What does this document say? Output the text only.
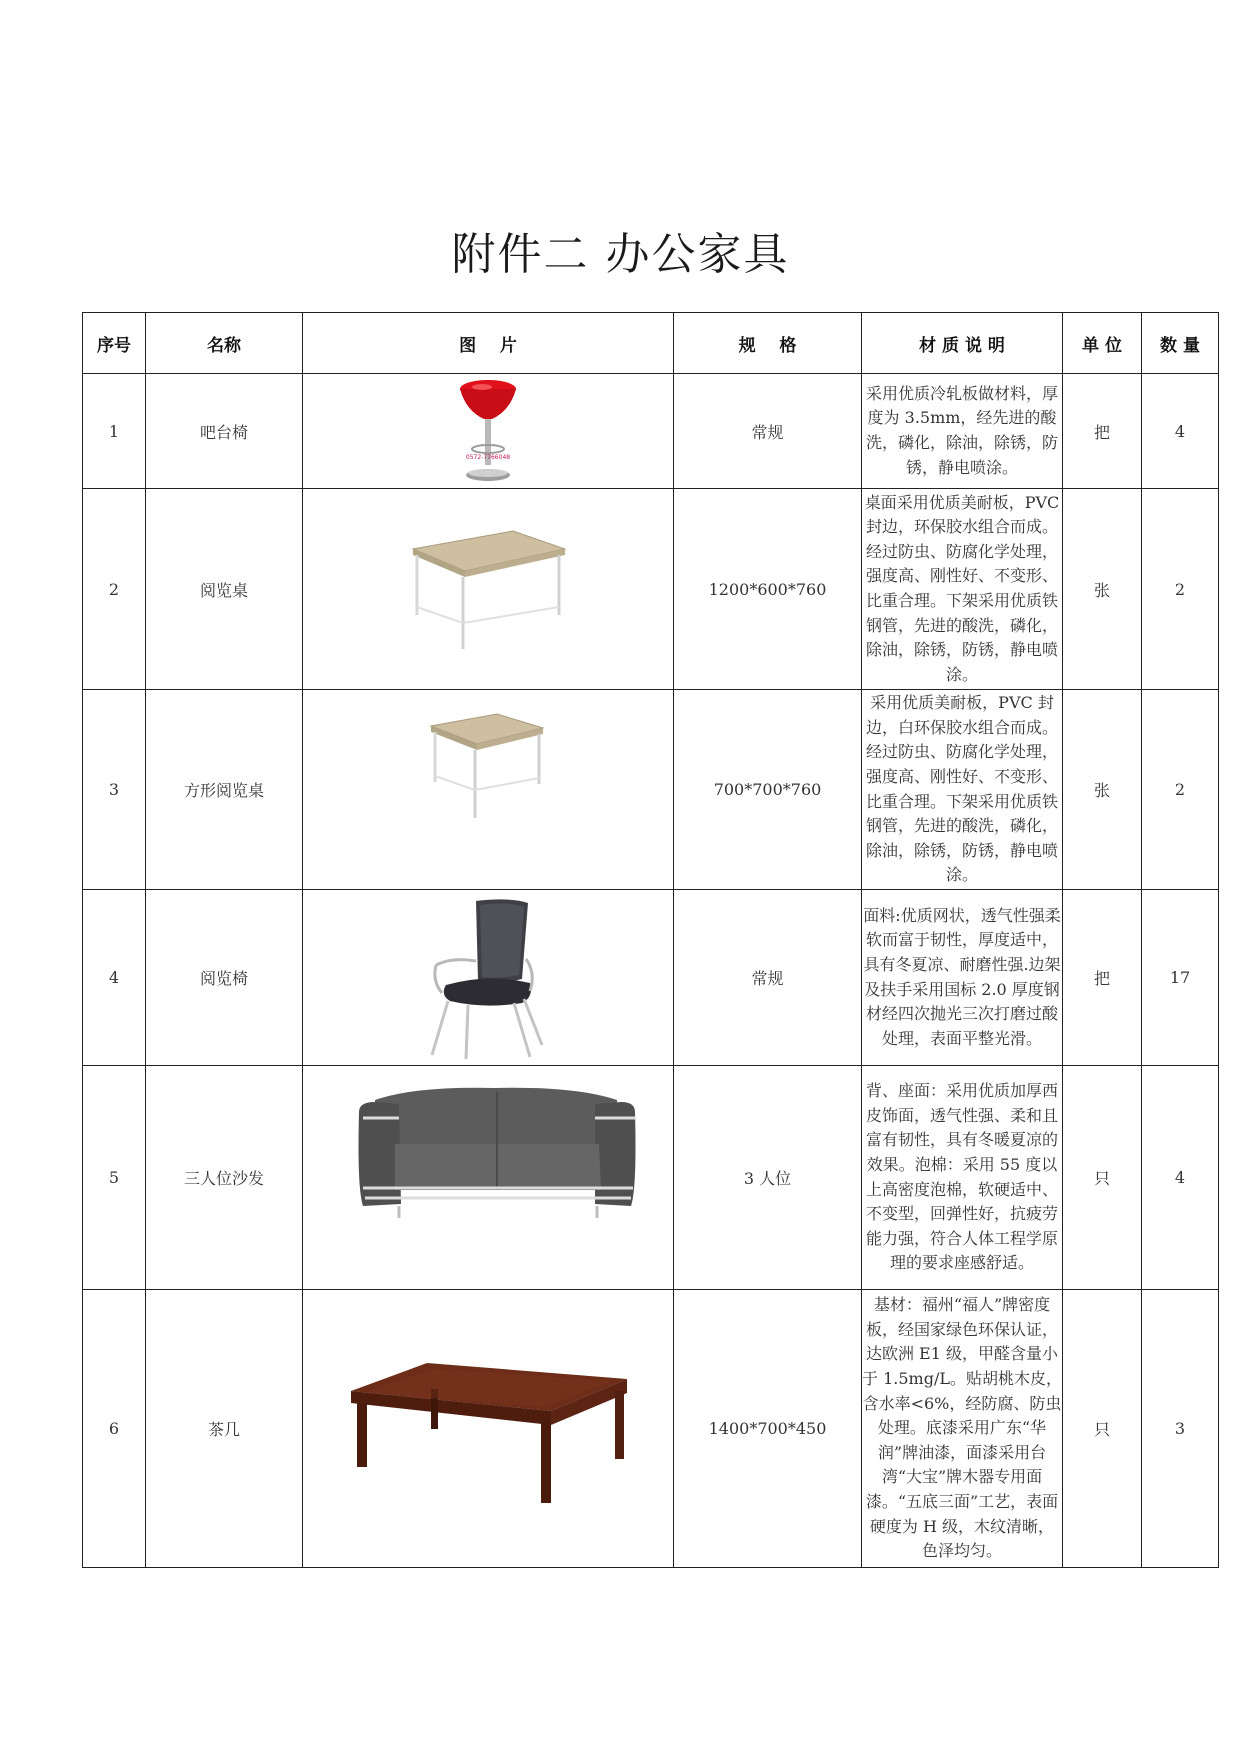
附件二 办公家具
序号	名称	图    片	规    格	材 质 说 明	单 位	数 量
1	吧台椅	0572-7766048	常规	采用优质冷轧板做材料，厚度为 3.5mm，经先进的酸洗，磷化，除油，除锈，防锈，静电喷涂。	把	4
2	阅览桌		1200*600*760	桌面采用优质美耐板，PVC 封边，环保胶水组合而成。经过防虫、防腐化学处理，强度高、刚性好、不变形、比重合理。下架采用优质铁钢管，先进的酸洗，磷化，除油，除锈，防锈，静电喷涂。	张	2
3	方形阅览桌		700*700*760	采用优质美耐板，PVC 封边，白环保胶水组合而成。经过防虫、防腐化学处理，强度高、刚性好、不变形、比重合理。下架采用优质铁钢管，先进的酸洗，磷化，除油，除锈，防锈，静电喷涂。	张	2
4	阅览椅		常规	面料:优质网状，透气性强柔软而富于韧性，厚度适中，具有冬夏凉、耐磨性强.边架及扶手采用国标 2.0 厚度钢材经四次抛光三次打磨过酸处理，表面平整光滑。	把	17
5	三人位沙发		3 人位	背、座面：采用优质加厚西皮饰面，透气性强、柔和且富有韧性，具有冬暖夏凉的效果。泡棉：采用 55 度以上高密度泡棉，软硬适中、不变型，回弹性好，抗疲劳能力强，符合人体工程学原理的要求座感舒适。	只	4
6	茶几		1400*700*450	基材：福州“福人”牌密度板，经国家绿色环保认证，达欧洲 E1 级，甲醛含量小于 1.5mg/L。贴胡桃木皮，含水率<6%，经防腐、防虫处理。底漆采用广东“华润”牌油漆，面漆采用台湾“大宝”牌木器专用面漆。“五底三面”工艺，表面硬度为 H 级，木纹清晰，色泽均匀。	只	3
